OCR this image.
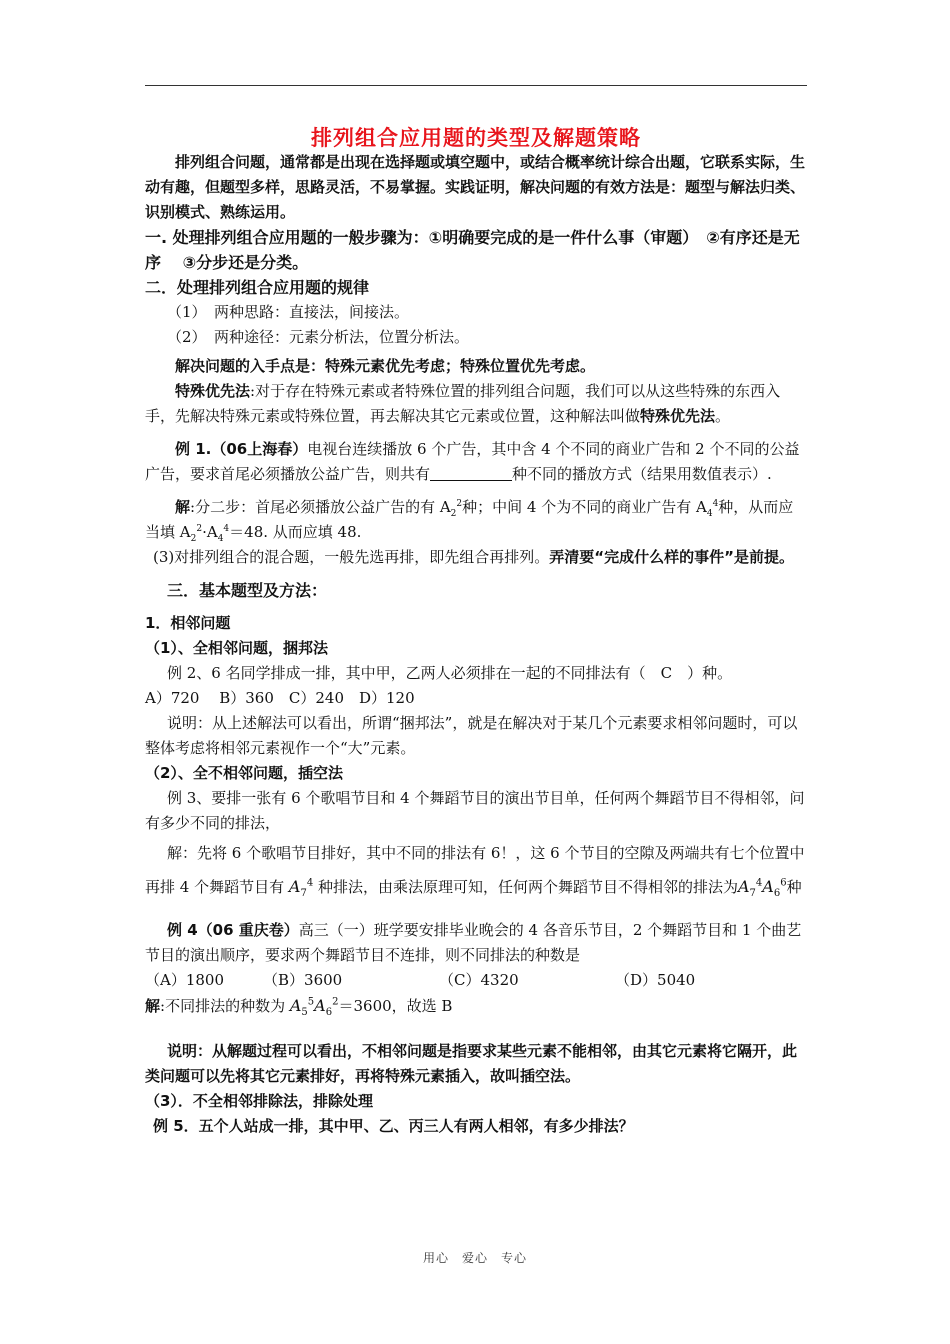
排列组合应用题的类型及解题策略

排列组合问题，通常都是出现在选择题或填空题中，或结合概率统计综合出题，它联系实际，生动有趣，但题型多样，思路灵活，不易掌握。实践证明，解决问题的有效方法是：题型与解法归类、识别模式、熟练运用。

一. 处理排列组合应用题的一般步骤为：①明确要完成的是一件什么事（审题）　②有序还是无序　 ③分步还是分类。

二．处理排列组合应用题的规律

（1）　两种思路：直接法，间接法。

（2）　两种途径：元素分析法，位置分析法。

解决问题的入手点是：特殊元素优先考虑；特殊位置优先考虑。

特殊优先法:对于存在特殊元素或者特殊位置的排列组合问题，我们可以从这些特殊的东西入手，先解决特殊元素或特殊位置，再去解决其它元素或位置，这种解法叫做特殊优先法。

例 1.（06上海春）电视台连续播放 6 个广告，其中含 4 个不同的商业广告和 2 个不同的公益广告，要求首尾必须播放公益广告，则共有	种不同的播放方式（结果用数值表示）.

解:分二步：首尾必须播放公益广告的有 $A_2^2$种；中间 4 个为不同的商业广告有 $A_4^4$种，从而应当填 $A_2^2\cdot A_4^4=48$. 从而应填 48.

(3)对排列组合的混合题，一般先选再排，即先组合再排列。弄清要“完成什么样的事件”是前提。

三．基本题型及方法：

1．相邻问题

（1）、全相邻问题，捆邦法

例 2、6 名同学排成一排，其中甲，乙两人必须排在一起的不同排法有（　C　）种。

A）720　 B）360　C）240　D）120

说明：从上述解法可以看出，所谓“捆邦法”，就是在解决对于某几个元素要求相邻问题时，可以整体考虑将相邻元素视作一个“大”元素。

（2）、全不相邻问题，插空法

例 3、要排一张有 6 个歌唱节目和 4 个舞蹈节目的演出节目单，任何两个舞蹈节目不得相邻，问有多少不同的排法，

解：先将 6 个歌唱节目排好，其中不同的排法有 6！，这 6 个节目的空隙及两端共有七个位置中再排 4 个舞蹈节目有 $A_7^4$ 种排法，由乘法原理可知，任何两个舞蹈节目不得相邻的排法为$A_7^4A_6^6$种

例 4（06 重庆卷）高三（一）班学要安排毕业晚会的 4 各音乐节目，2 个舞蹈节目和 1 个曲艺节目的演出顺序，要求两个舞蹈节目不连排，则不同排法的种数是

（A）1800	（B）3600	（C）4320	（D）5040

解:不同排法的种数为 $A_5^5A_6^2=3600$，故选 B

说明：从解题过程可以看出，不相邻问题是指要求某些元素不能相邻，由其它元素将它隔开，此类问题可以先将其它元素排好，再将特殊元素插入，故叫插空法。

（3）．不全相邻排除法，排除处理

例 5．五个人站成一排，其中甲、乙、丙三人有两人相邻，有多少排法？

用心　爱心　专心
